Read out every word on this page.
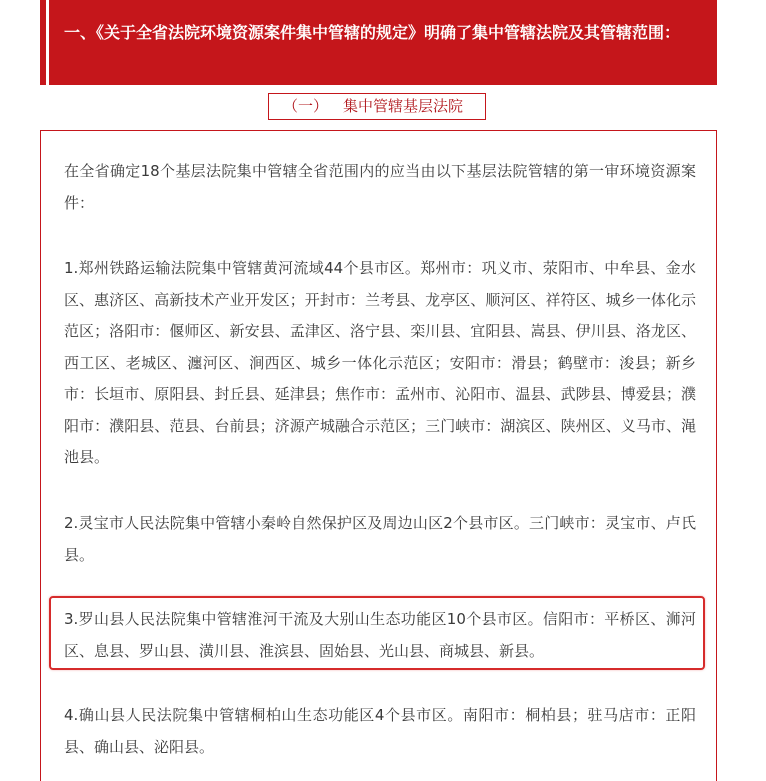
一、《关于全省法院环境资源案件集中管辖的规定》明确了集中管辖法院及其管辖范围：

（一） 集中管辖基层法院

在全省确定18个基层法院集中管辖全省范围内的应当由以下基层法院管辖的第一审环境资源案件：

1.郑州铁路运输法院集中管辖黄河流域44个县市区。郑州市：巩义市、荥阳市、中牟县、金水区、惠济区、高新技术产业开发区；开封市：兰考县、龙亭区、顺河区、祥符区、城乡一体化示范区；洛阳市：偃师区、新安县、孟津区、洛宁县、栾川县、宜阳县、嵩县、伊川县、洛龙区、西工区、老城区、瀍河区、涧西区、城乡一体化示范区；安阳市：滑县；鹤壁市：浚县；新乡市：长垣市、原阳县、封丘县、延津县；焦作市：孟州市、沁阳市、温县、武陟县、博爱县；濮阳市：濮阳县、范县、台前县；济源产城融合示范区；三门峡市：湖滨区、陕州区、义马市、渑池县。

2.灵宝市人民法院集中管辖小秦岭自然保护区及周边山区2个县市区。三门峡市：灵宝市、卢氏县。

3.罗山县人民法院集中管辖淮河干流及大别山生态功能区10个县市区。信阳市：平桥区、浉河区、息县、罗山县、潢川县、淮滨县、固始县、光山县、商城县、新县。

4.确山县人民法院集中管辖桐柏山生态功能区4个县市区。南阳市：桐柏县；驻马店市：正阳县、确山县、泌阳县。
